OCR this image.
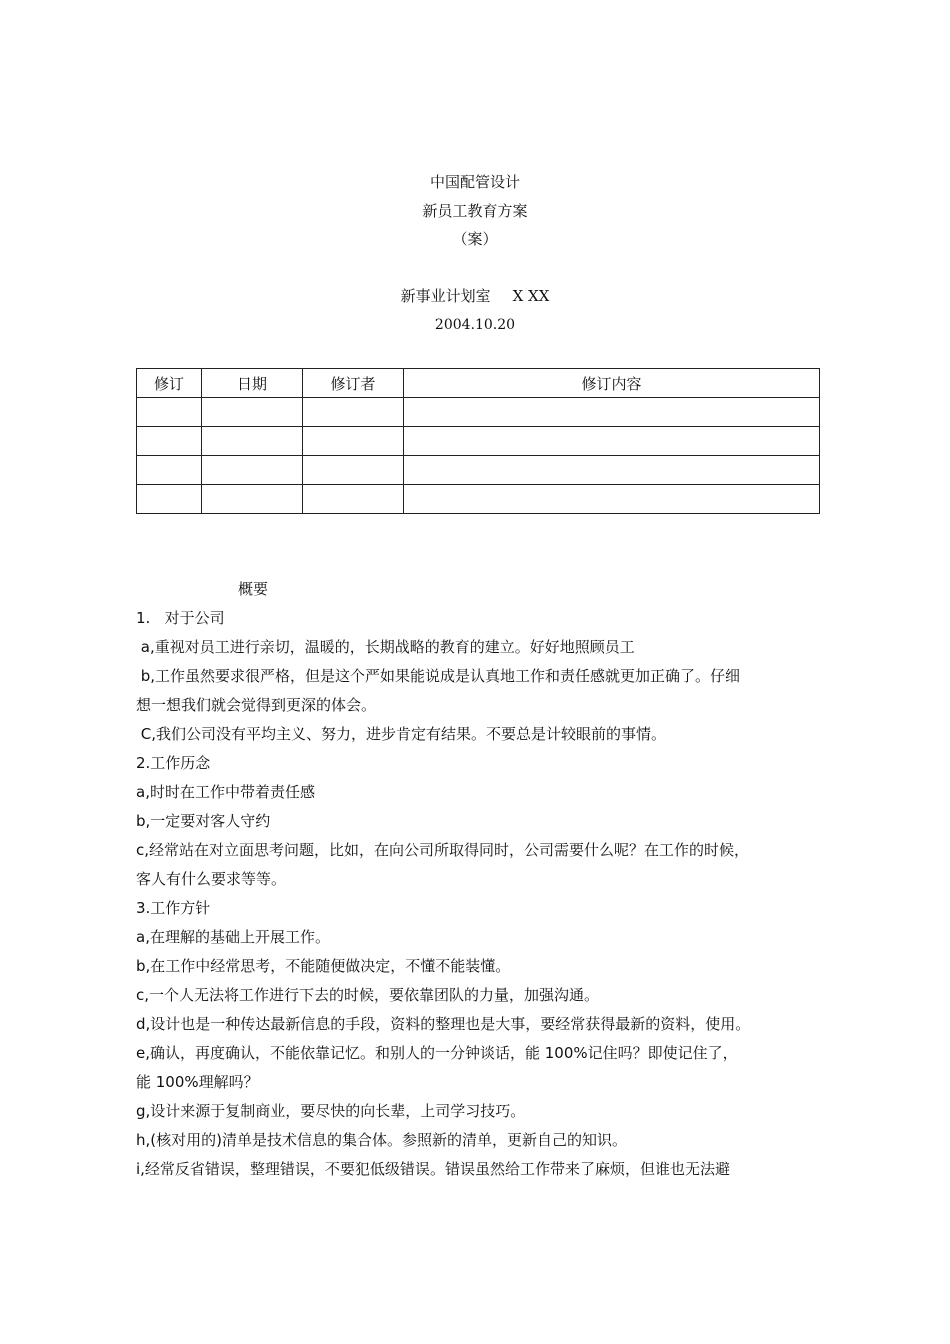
中国配管设计
新员工教育方案
（案）
新事业计划室 X XX
2004.10.20
修订	日期	修订者	修订内容

概要
1.   对于公司
a,重视对员工进行亲切，温暖的，长期战略的教育的建立。好好地照顾员工
b,工作虽然要求很严格，但是这个严如果能说成是认真地工作和责任感就更加正确了。仔细
想一想我们就会觉得到更深的体会。
C,我们公司没有平均主义、努力，进步肯定有结果。不要总是计较眼前的事情。
2.工作历念
a,时时在工作中带着责任感
b,一定要对客人守约
c,经常站在对立面思考问题，比如，在向公司所取得同时，公司需要什么呢？在工作的时候，
客人有什么要求等等。
3.工作方针
a,在理解的基础上开展工作。
b,在工作中经常思考，不能随便做决定，不懂不能装懂。
c,一个人无法将工作进行下去的时候，要依靠团队的力量，加强沟通。
d,设计也是一种传达最新信息的手段，资料的整理也是大事，要经常获得最新的资料，使用。
e,确认，再度确认，不能依靠记忆。和别人的一分钟谈话，能 100%记住吗？即使记住了，
能 100%理解吗？
g,设计来源于复制商业，要尽快的向长辈，上司学习技巧。
h,(核对用的)清单是技术信息的集合体。参照新的清单，更新自己的知识。
i,经常反省错误，整理错误，不要犯低级错误。错误虽然给工作带来了麻烦，但谁也无法避
